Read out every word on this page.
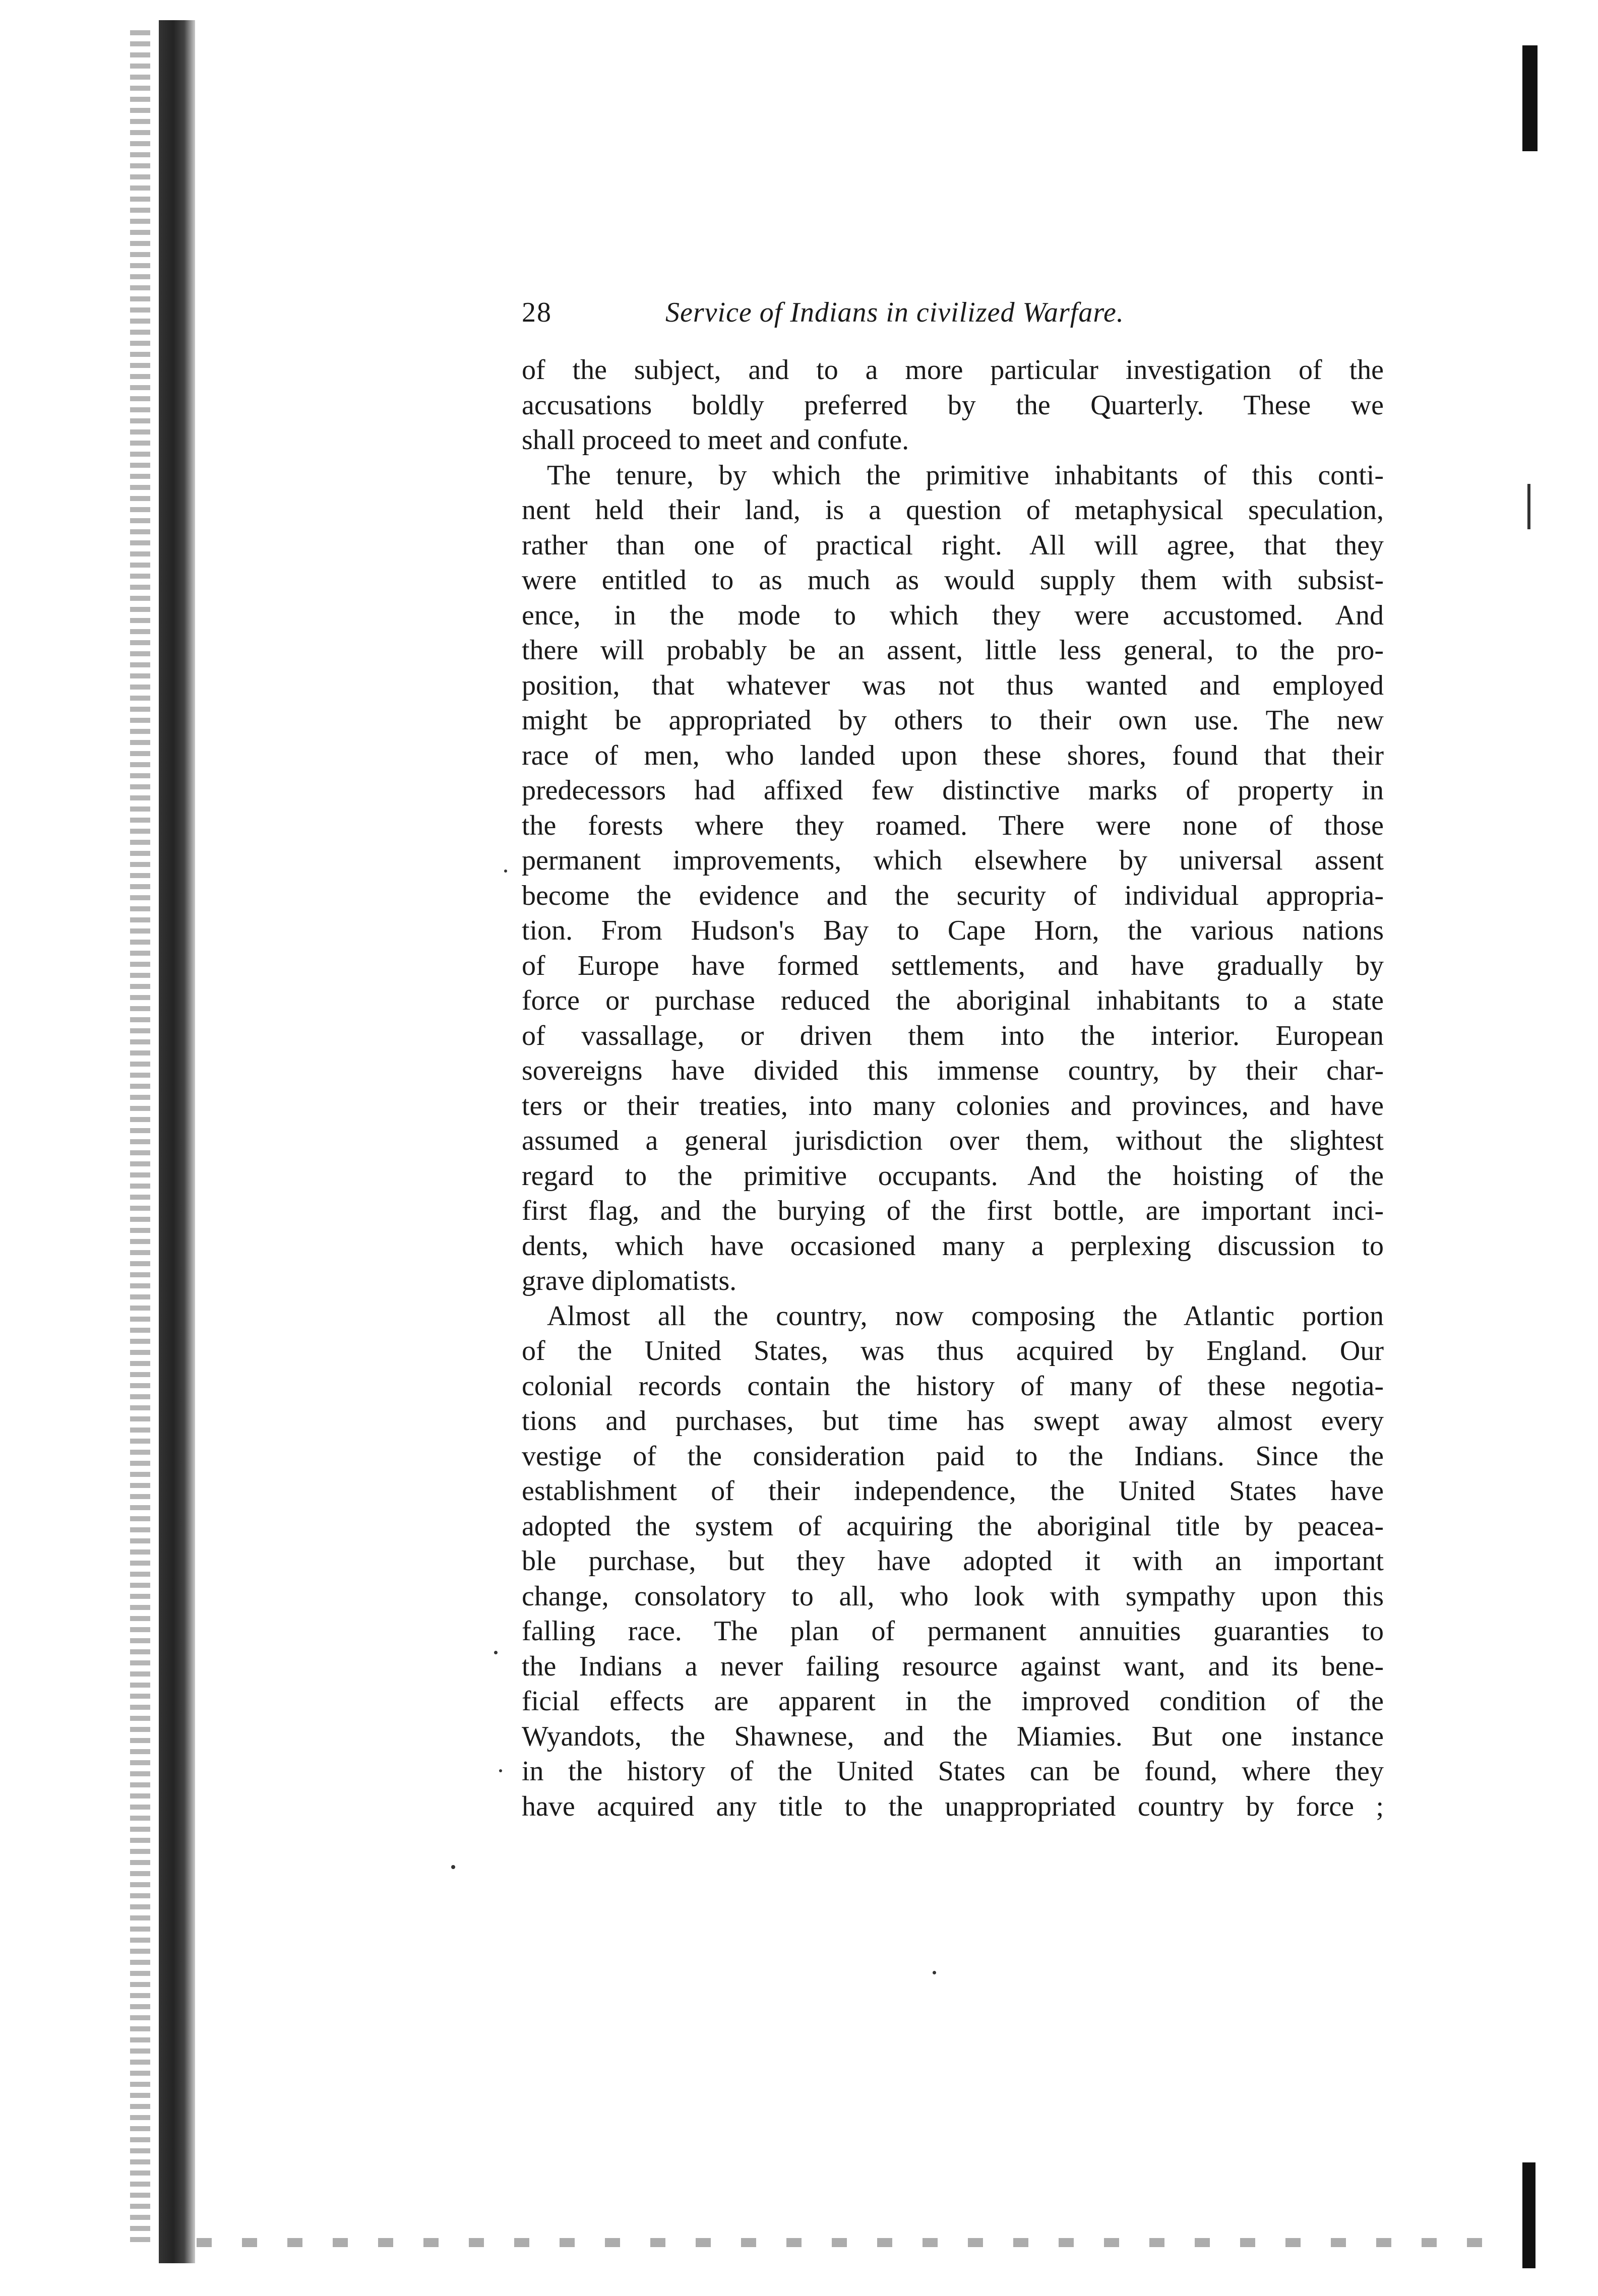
28	Service of Indians in civilized Warfare.
of the subject, and to a more particular investigation of the
accusations boldly preferred by the Quarterly. These we
shall proceed to meet and confute.
The tenure, by which the primitive inhabitants of this conti-
nent held their land, is a question of metaphysical speculation,
rather than one of practical right. All will agree, that they
were entitled to as much as would supply them with subsist-
ence, in the mode to which they were accustomed. And
there will probably be an assent, little less general, to the pro-
position, that whatever was not thus wanted and employed
might be appropriated by others to their own use. The new
race of men, who landed upon these shores, found that their
predecessors had affixed few distinctive marks of property in
the forests where they roamed. There were none of those
permanent improvements, which elsewhere by universal assent
become the evidence and the security of individual appropria-
tion. From Hudson's Bay to Cape Horn, the various nations
of Europe have formed settlements, and have gradually by
force or purchase reduced the aboriginal inhabitants to a state
of vassallage, or driven them into the interior. European
sovereigns have divided this immense country, by their char-
ters or their treaties, into many colonies and provinces, and have
assumed a general jurisdiction over them, without the slightest
regard to the primitive occupants. And the hoisting of the
first flag, and the burying of the first bottle, are important inci-
dents, which have occasioned many a perplexing discussion to
grave diplomatists.
Almost all the country, now composing the Atlantic portion
of the United States, was thus acquired by England. Our
colonial records contain the history of many of these negotia-
tions and purchases, but time has swept away almost every
vestige of the consideration paid to the Indians. Since the
establishment of their independence, the United States have
adopted the system of acquiring the aboriginal title by peacea-
ble purchase, but they have adopted it with an important
change, consolatory to all, who look with sympathy upon this
falling race. The plan of permanent annuities guaranties to
the Indians a never failing resource against want, and its bene-
ficial effects are apparent in the improved condition of the
Wyandots, the Shawnese, and the Miamies. But one instance
in the history of the United States can be found, where they
have acquired any title to the unappropriated country by force ;
